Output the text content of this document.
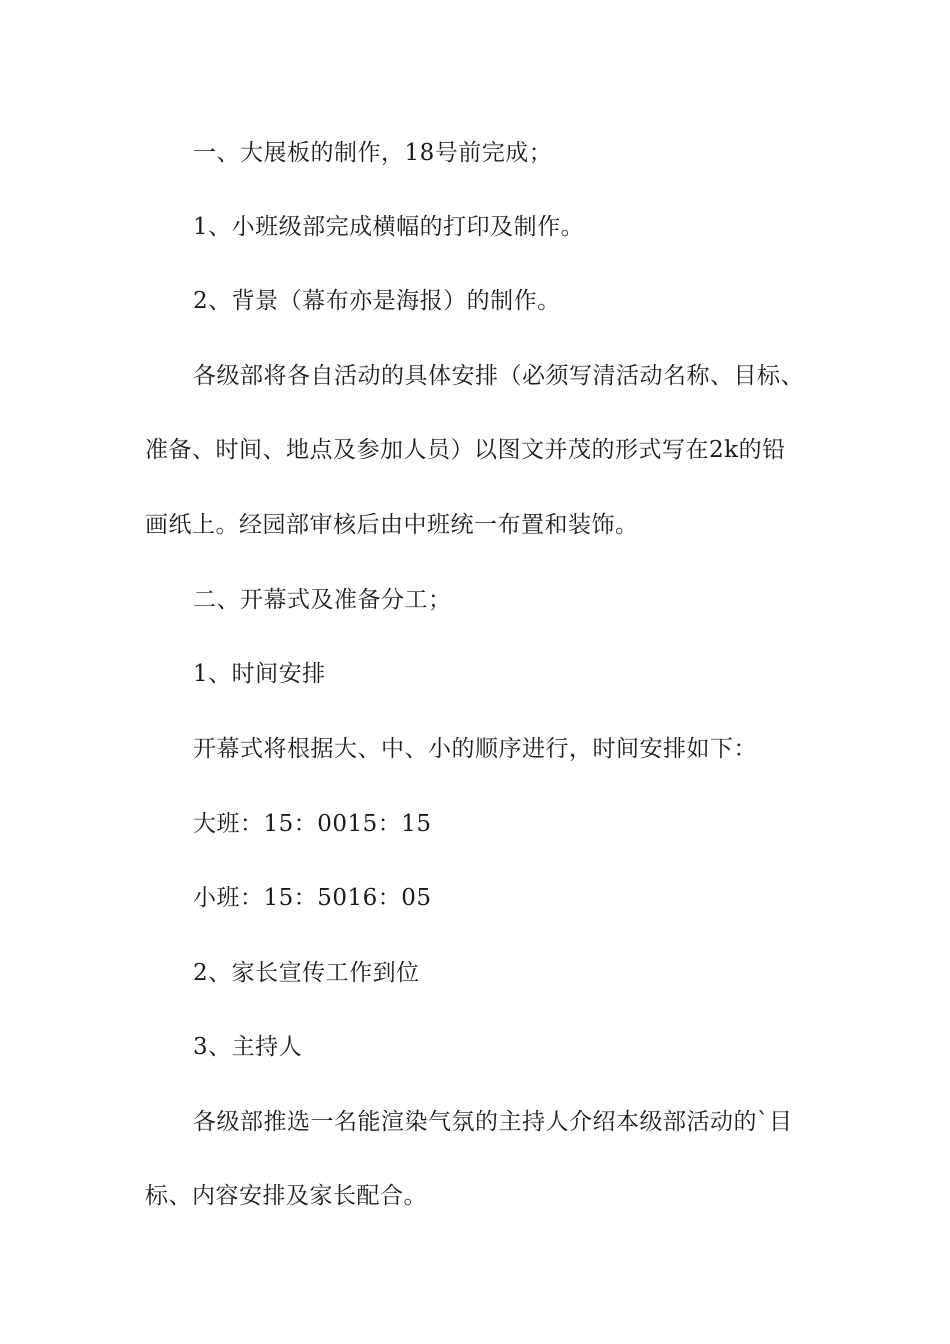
一、大展板的制作，18号前完成；
1、小班级部完成横幅的打印及制作。
2、背景（幕布亦是海报）的制作。
各级部将各自活动的具体安排（必须写清活动名称、目标、
准备、时间、地点及参加人员）以图文并茂的形式写在2k的铅
画纸上。经园部审核后由中班统一布置和装饰。
二、开幕式及准备分工；
1、时间安排
开幕式将根据大、中、小的顺序进行，时间安排如下：
大班：15：0015：15
小班：15：5016：05
2、家长宣传工作到位
3、主持人
各级部推选一名能渲染气氛的主持人介绍本级部活动的`目
标、内容安排及家长配合。
